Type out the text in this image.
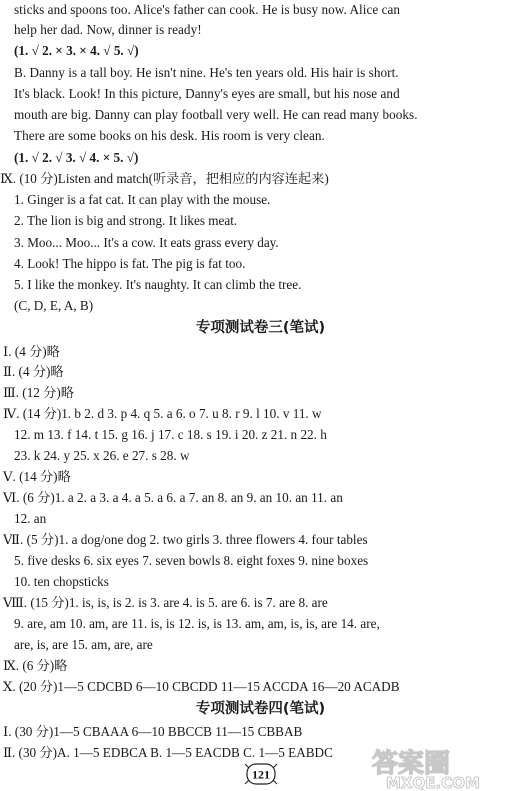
sticks and spoons too. Alice's father can cook. He is busy now. Alice can
help her dad. Now, dinner is ready!
(1. √ 2. × 3. × 4. √ 5. √)
B. Danny is a tall boy. He isn't nine. He's ten years old. His hair is short.
It's black. Look! In this picture, Danny's eyes are small, but his nose and
mouth are big. Danny can play football very well. He can read many books.
There are some books on his desk. His room is very clean.
(1. √ 2. √ 3. √ 4. × 5. √)
Ⅸ. (10 分)Listen and match(听录音，把相应的内容连起来)
1. Ginger is a fat cat. It can play with the mouse.
2. The lion is big and strong. It likes meat.
3. Moo... Moo... It's a cow. It eats grass every day.
4. Look! The hippo is fat. The pig is fat too.
5. I like the monkey. It's naughty. It can climb the tree.
(C, D, E, A, B)
专项测试卷三(笔试)
Ⅰ. (4 分)略
Ⅱ. (4 分)略
Ⅲ. (12 分)略
Ⅳ. (14 分)1. b 2. d 3. p 4. q 5. a 6. o 7. u 8. r 9. l 10. v 11. w
12. m 13. f 14. t 15. g 16. j 17. c 18. s 19. i 20. z 21. n 22. h
23. k 24. y 25. x 26. e 27. s 28. w
Ⅴ. (14 分)略
Ⅵ. (6 分)1. a 2. a 3. a 4. a 5. a 6. a 7. an 8. an 9. an 10. an 11. an
12. an
Ⅶ. (5 分)1. a dog/one dog 2. two girls 3. three flowers 4. four tables
5. five desks 6. six eyes 7. seven bowls 8. eight foxes 9. nine boxes
10. ten chopsticks
Ⅷ. (15 分)1. is, is, is 2. is 3. are 4. is 5. are 6. is 7. are 8. are
9. are, am 10. am, are 11. is, is 12. is, is 13. am, am, is, is, are 14. are,
are, is, are 15. am, are, are
Ⅸ. (6 分)略
Ⅹ. (20 分)1—5 CDCBD 6—10 CBCDD 11—15 ACCDA 16—20 ACADB
专项测试卷四(笔试)
Ⅰ. (30 分)1—5 CBAAA 6—10 BBCCB 11—15 CBBAB
Ⅱ. (30 分)A. 1—5 EDBCA B. 1—5 EACDB C. 1—5 EABDC
121	答案圈
MXQE.COM
